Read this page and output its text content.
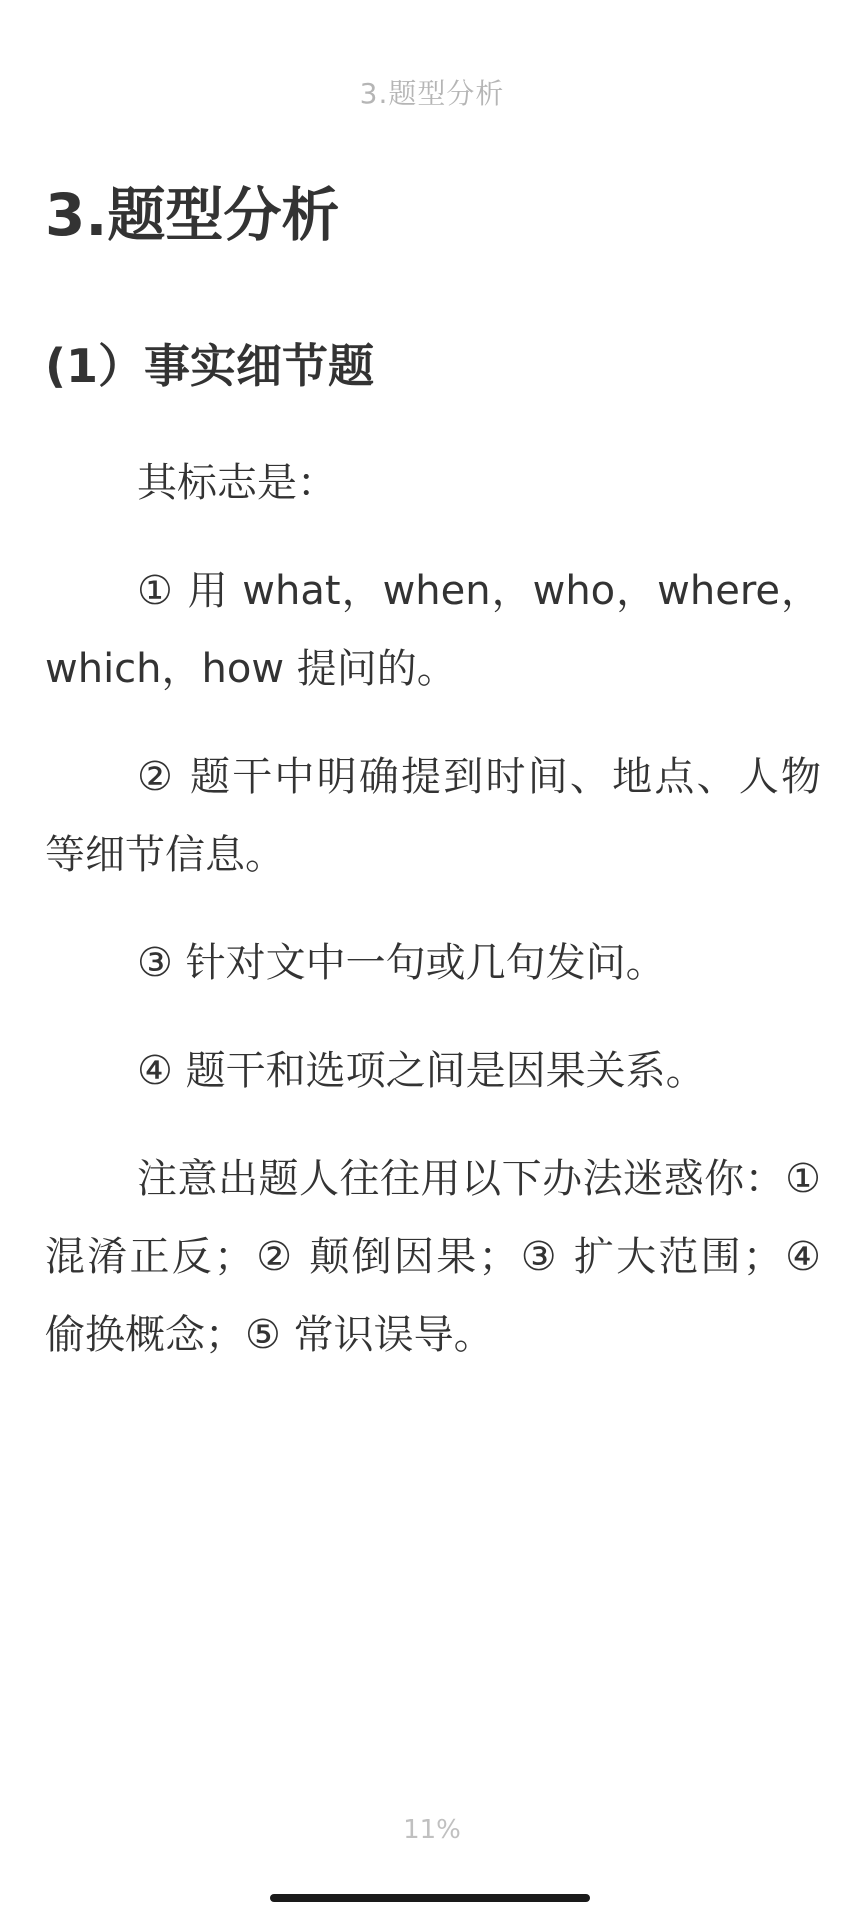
3.题型分析
3.题型分析
(1）事实细节题

其标志是：

① 用 what，when，who，where，which，how 提问的。

② 题干中明确提到时间、地点、人物等细节信息。

③ 针对文中一句或几句发问。

④ 题干和选项之间是因果关系。

注意出题人往往用以下办法迷惑你：① 混淆正反；② 颠倒因果；③ 扩大范围；④ 偷换概念；⑤ 常识误导。

11%
